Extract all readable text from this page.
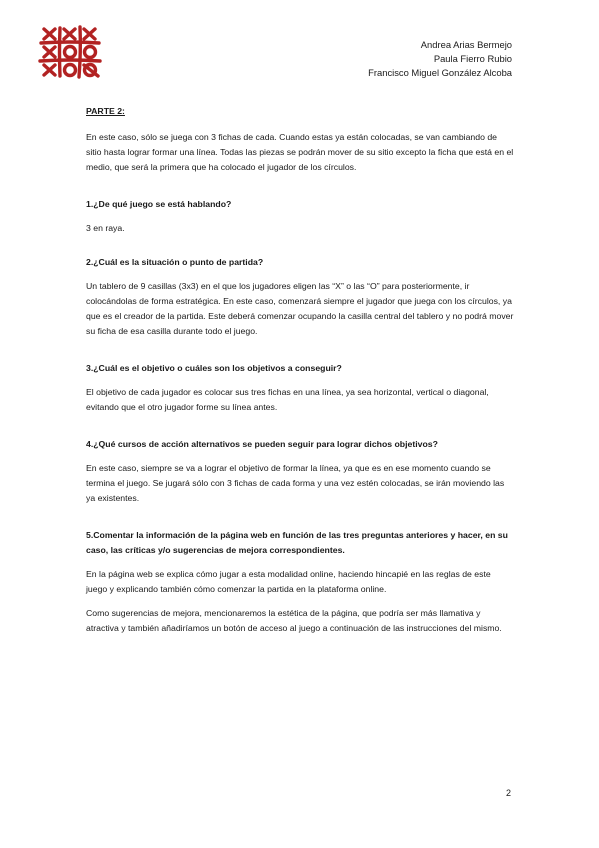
Andrea Arias Bermejo
Paula Fierro Rubio
Francisco Miguel González Alcoba

PARTE 2:

En este caso, sólo se juega con 3 fichas de cada. Cuando estas ya están colocadas, se van cambiando de sitio hasta lograr formar una línea. Todas las piezas se podrán mover de su sitio excepto la ficha que está en el medio, que será la primera que ha colocado el jugador de los círculos.

1.¿De qué juego se está hablando?

3 en raya.

2.¿Cuál es la situación o punto de partida?

Un tablero de 9 casillas (3x3) en el que los jugadores eligen las “X” o las “O” para posteriormente, ir colocándolas de forma estratégica. En este caso, comenzará siempre el jugador que juega con los círculos, ya que es el creador de la partida. Este deberá comenzar ocupando la casilla central del tablero y no podrá mover su ficha de esa casilla durante todo el juego.

3.¿Cuál es el objetivo o cuáles son los objetivos a conseguir?

El objetivo de cada jugador es colocar sus tres fichas en una línea, ya sea horizontal, vertical o diagonal, evitando que el otro jugador forme su línea antes.

4.¿Qué cursos de acción alternativos se pueden seguir para lograr dichos objetivos?

En este caso, siempre se va a lograr el objetivo de formar la línea, ya que es en ese momento cuando se termina el juego. Se jugará sólo con 3 fichas de cada forma y una vez estén colocadas, se irán moviendo las ya existentes.

5.Comentar la información de la página web en función de las tres preguntas anteriores y hacer, en su caso, las críticas y/o sugerencias de mejora correspondientes.

En la página web se explica cómo jugar a esta modalidad online, haciendo hincapié en las reglas de este juego y explicando también cómo comenzar la partida en la plataforma online.

Como sugerencias de mejora, mencionaremos la estética de la página, que podría ser más llamativa y atractiva y también añadiríamos un botón de acceso al juego a continuación de las instrucciones del mismo.

2
